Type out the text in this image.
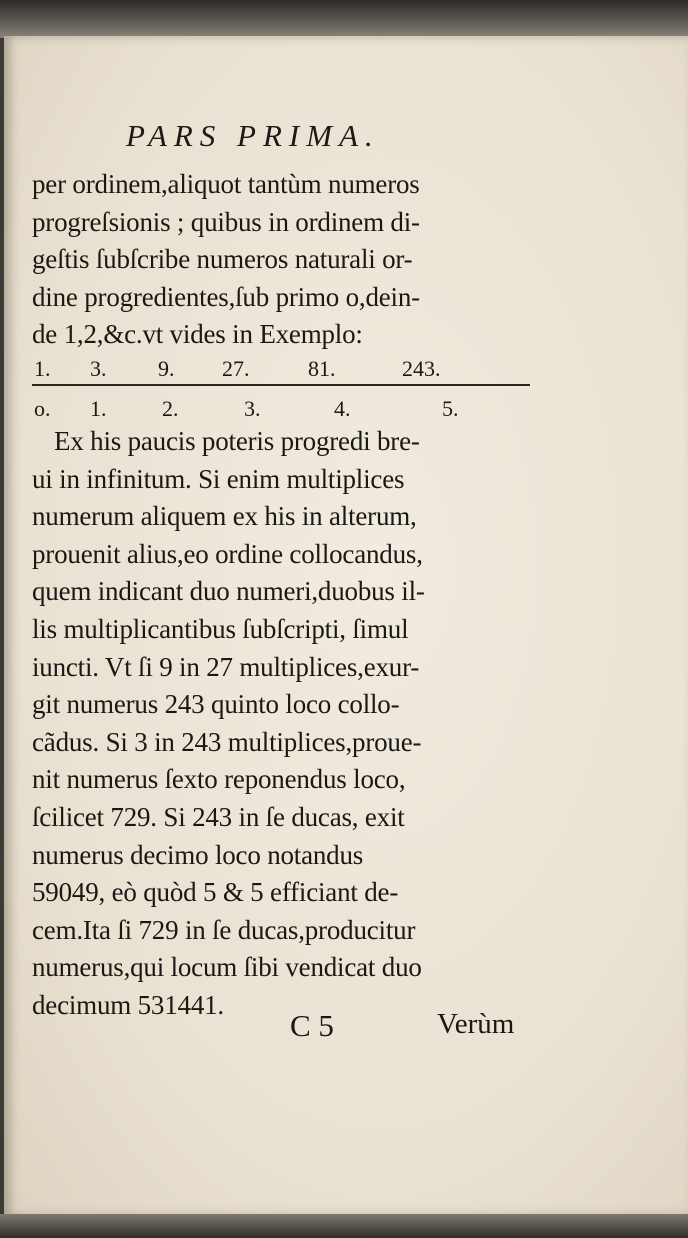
PARS PRIMA.
per ordinem,aliquot tantùm numeros
progreſsionis ; quibus in ordinem di-
geſtis ſubſcribe numeros naturali or-
dine progredientes,ſub primo o,dein-
de 1,2,&c.vt vides in Exemplo:
1. 3. 9. 27.	81.	243.
o. 1.	2.	3.	4.	5.
Ex his paucis poteris progredi bre-
ui in infinitum. Si enim multiplices
numerum aliquem ex his in alterum,
prouenit alius,eo ordine collocandus,
quem indicant duo numeri,duobus il-
lis multiplicantibus ſubſcripti, ſimul
iuncti. Vt ſi 9 in 27 multiplices,exur-
git numerus 243 quinto loco collo-
cãdus. Si 3 in 243 multiplices,proue-
nit numerus ſexto reponendus loco,
ſcilicet 729. Si 243 in ſe ducas, exit
numerus decimo loco notandus
59049, eò quòd 5 & 5 efficiant de-
cem.Ita ſi 729 in ſe ducas,producitur
numerus,qui locum ſibi vendicat duo
decimum 531441.
C 5	Verùm
